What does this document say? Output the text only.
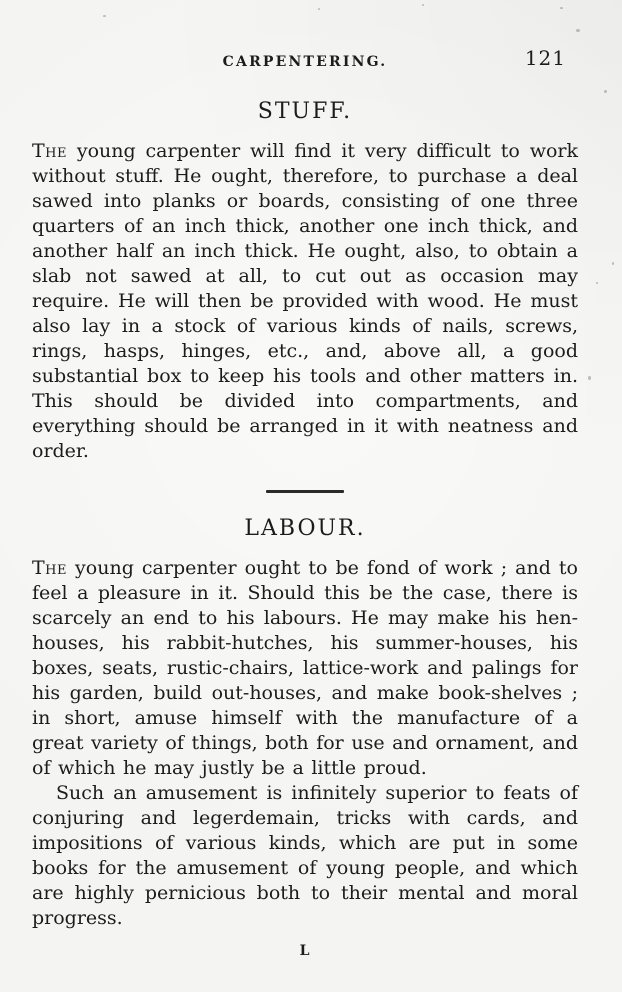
CARPENTERING.	121
STUFF.

The young carpenter will find it very difficult to work without stuff. He ought, therefore, to purchase a deal sawed into planks or boards, consisting of one three quarters of an inch thick, another one inch thick, and another half an inch thick. He ought, also, to obtain a slab not sawed at all, to cut out as occasion may require. He will then be provided with wood. He must also lay in a stock of various kinds of nails, screws, rings, hasps, hinges, etc., and, above all, a good substantial box to keep his tools and other matters in. This should be divided into compartments, and everything should be arranged in it with neatness and order.

LABOUR.

The young carpenter ought to be fond of work ; and to feel a pleasure in it. Should this be the case, there is scarcely an end to his labours. He may make his hen-houses, his rabbit-hutches, his summer-houses, his boxes, seats, rustic-chairs, lattice-work and palings for his garden, build out-houses, and make book-shelves ; in short, amuse himself with the manufacture of a great variety of things, both for use and ornament, and of which he may justly be a little proud.

Such an amusement is infinitely superior to feats of conjuring and legerdemain, tricks with cards, and impositions of various kinds, which are put in some books for the amusement of young people, and which are highly pernicious both to their mental and moral progress.

L
